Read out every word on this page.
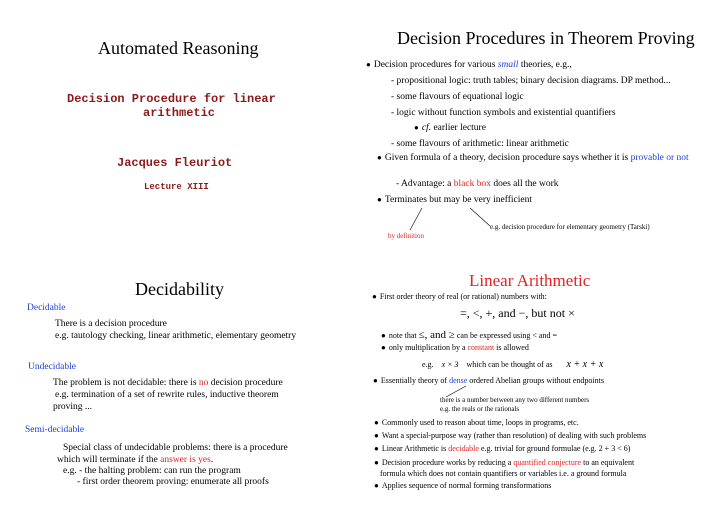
Automated Reasoning
Decision Procedure for linear
arithmetic
Jacques Fleuriot
Lecture XIII
Decision Procedures in Theorem Proving
● Decision procedures for various small theories, e.g.,
- propositional logic: truth tables; binary decision diagrams. DP method...
- some flavours of equational logic
- logic without function symbols and existential quantifiers
● cf. earlier lecture
- some flavours of arithmetic: linear arithmetic
● Given formula of a theory, decision procedure says whether it is provable or not
- Advantage: a black box does all the work
● Terminates but may be very inefficient
e.g. decision procedure for elementary geometry (Tarski)
by definition
Decidability
Decidable
There is a decision procedure
e.g. tautology checking, linear arithmetic, elementary geometry
Undecidable
The problem is not decidable: there is no decision procedure
e.g. termination of a set of rewrite rules, inductive theorem
proving ...
Semi-decidable
Special class of undecidable problems: there is a procedure
which will terminate if the answer is yes.
e.g. - the halting problem: can run the program
- first order theorem proving: enumerate all proofs
Linear Arithmetic
● First order theory of real (or rational) numbers with:
=, <, +, and −, but not ×
● note that ≤, and ≥ can be expressed using < and =
● only multiplication by a constant is allowed
e.g. x × 3 which can be thought of as x + x + x
● Essentially theory of dense ordered Abelian groups without endpoints
there is a number between any two different numbers
e.g. the reals or the rationals
● Commonly used to reason about time, loops in programs, etc.
● Want a special-purpose way (rather than resolution) of dealing with such problems
● Linear Arithmetic is decidable e.g. trivial for ground formulae (e.g. 2 + 3 < 6)
● Decision procedure works by reducing a quantified conjecture to an equivalent
formula which does not contain quantifiers or variables i.e. a ground formula
● Applies sequence of normal forming transformations
